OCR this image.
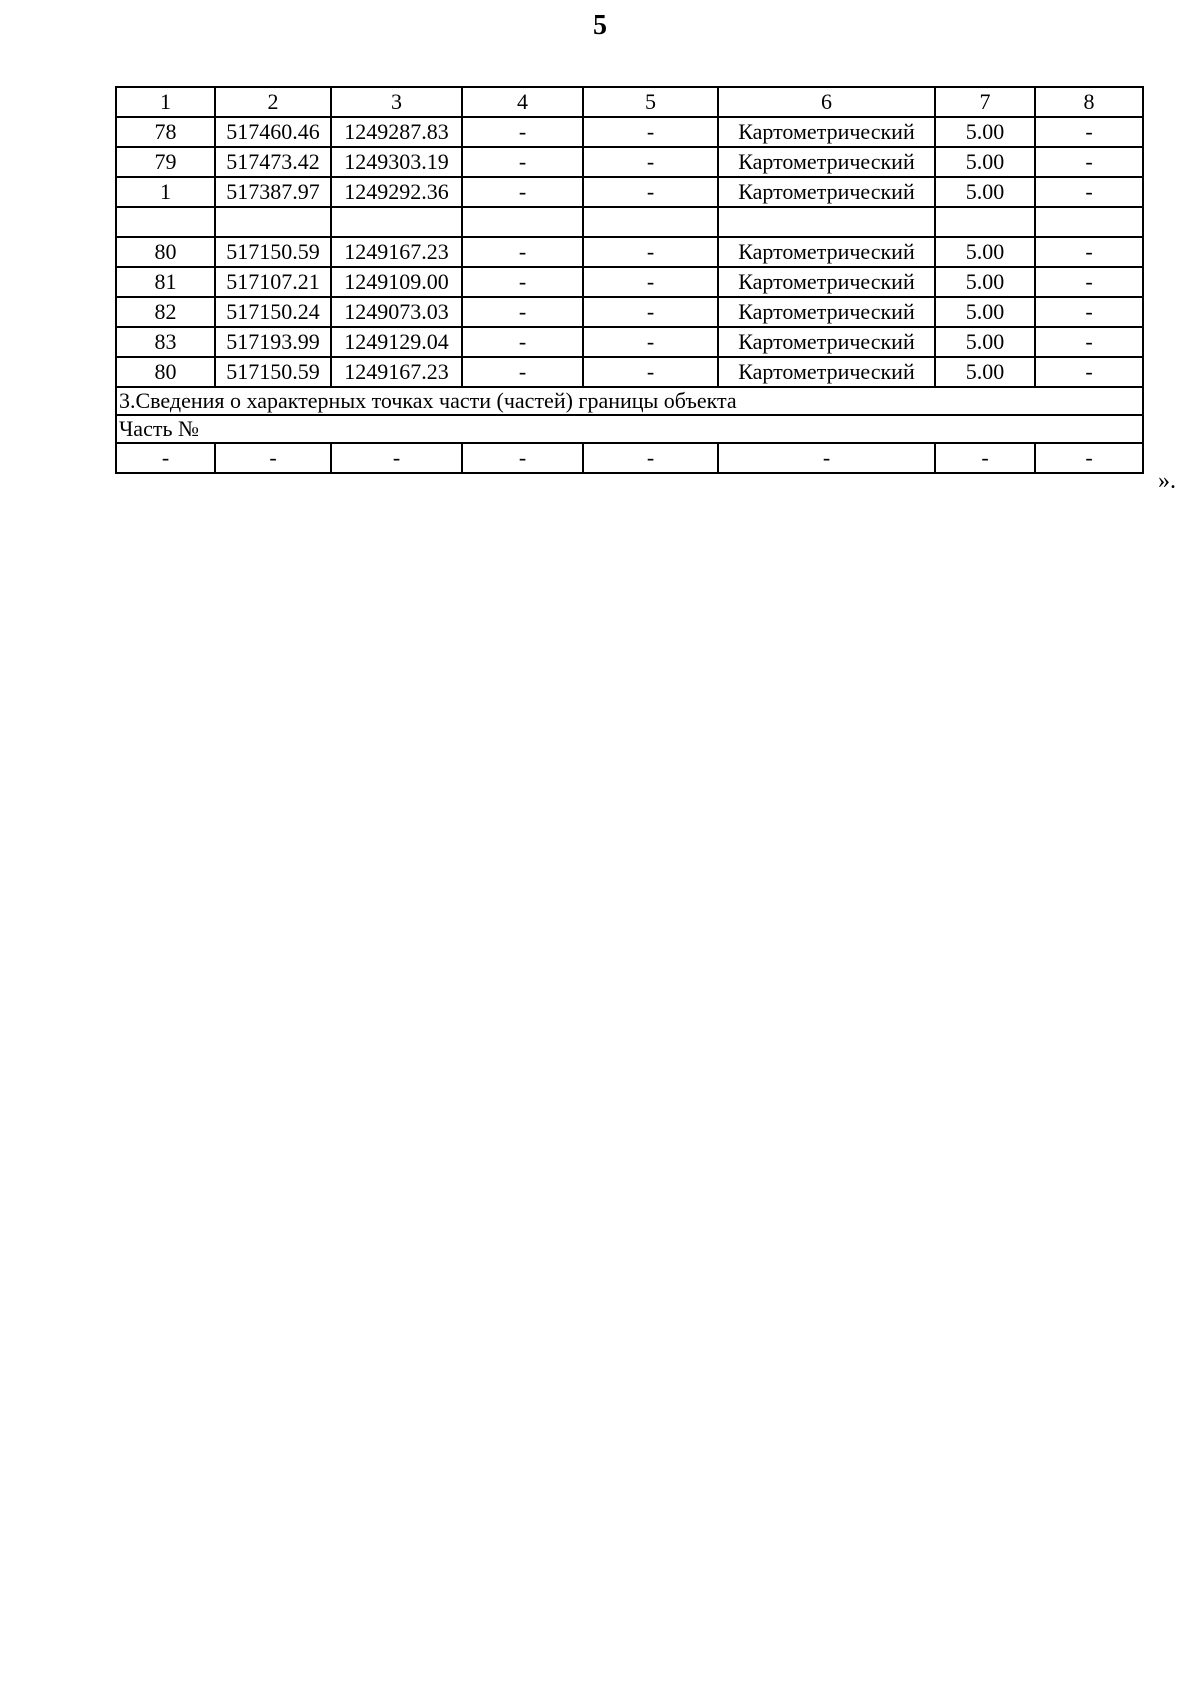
5
1	2	3	4	5	6	7	8
78	517460.46	1249287.83	-	-	Картометрический	5.00	-
79	517473.42	1249303.19	-	-	Картометрический	5.00	-
1	517387.97	1249292.36	-	-	Картометрический	5.00	-

80	517150.59	1249167.23	-	-	Картометрический	5.00	-
81	517107.21	1249109.00	-	-	Картометрический	5.00	-
82	517150.24	1249073.03	-	-	Картометрический	5.00	-
83	517193.99	1249129.04	-	-	Картометрический	5.00	-
80	517150.59	1249167.23	-	-	Картометрический	5.00	-
3.Сведения о характерных точках части (частей) границы объекта							
Часть №							
-	-	-	-	-	-	-	-
».
